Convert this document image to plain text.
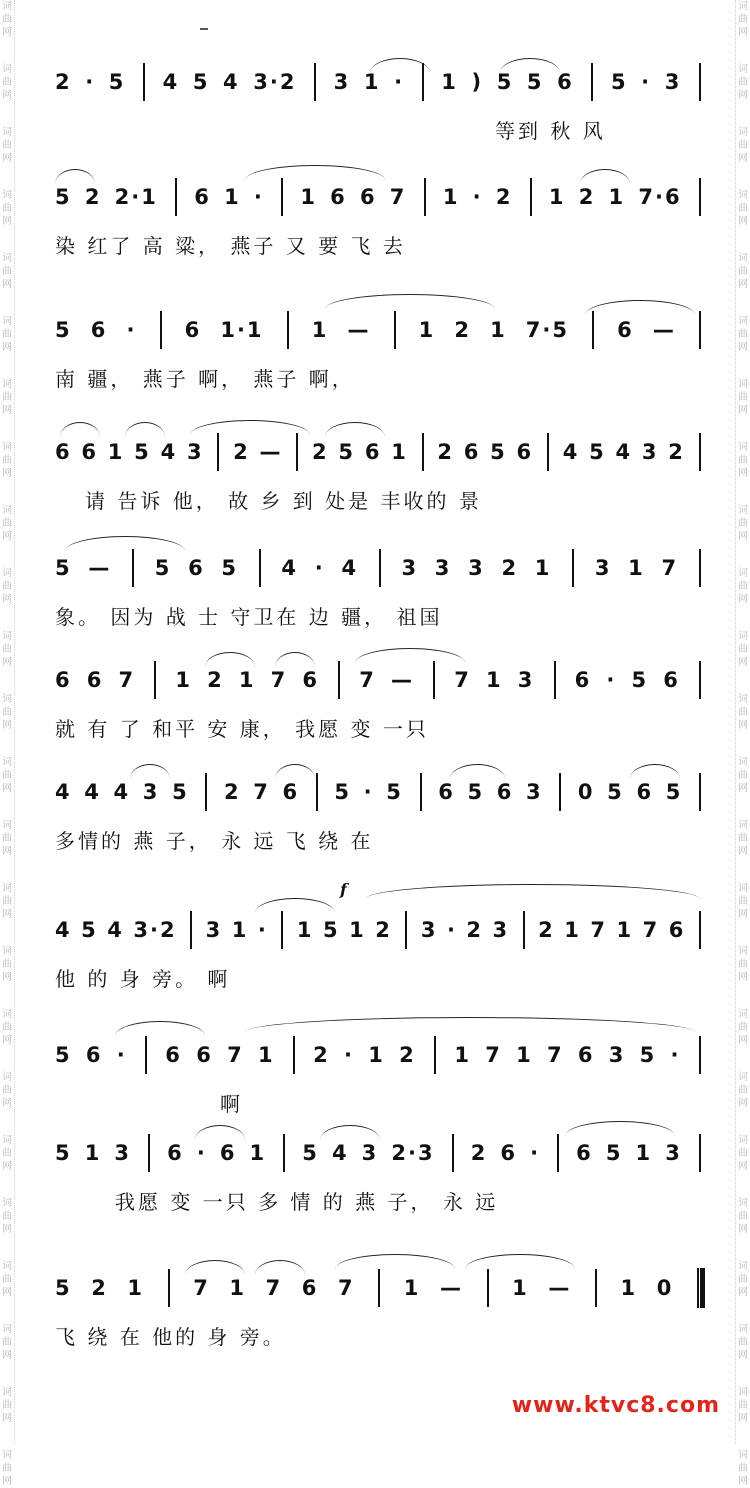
词
曲
网
词
曲
网
词
曲
网
词
曲
网
词
曲
网
词
曲
网
词
曲
网
词
曲
网
词
曲
网
词
曲
网
词
曲
网
词
曲
网
词
曲
网
词
曲
网
词
曲
网
词
曲
网
词
曲
网
词
曲
网
词
曲
网
词
曲
网
词
曲
网
词
曲
网
词
曲
网
词
曲
网
词
曲
网
词
曲
网
词
曲
网
词
曲
网
词
曲
网
词
曲
网
词
曲
网
词
曲
网
词
曲
网
词
曲
网
词
曲
网
词
曲
网
词
曲
网
词
曲
网
词
曲
网
词
曲
网
词
曲
网
词
曲
网
词
曲
网
词
曲
网
词
曲
网
词
曲
网
词
曲
网
词
曲
网
2 · 5 4 5 4 3·2 3 1 · 1 ) 5 5 6 5 · 3
等到 秋 风
5 2 2·1 6 1 · 1 6 6 7 1 · 2 1 2 1 7·6
染 红了 高 粱， 燕子 又 要 飞 去
5 6 · 6 1·1 1 — 1 2 1 7·5 6 —
南 疆， 燕子 啊， 燕子 啊，
6 6 1 5 4 3 2 — 2 5 6 1 2 6 5 6 4 5 4 3 2
请 告诉 他， 故 乡 到 处是 丰收的 景
5 — 5 6 5 4 · 4 3 3 3 2 1 3 1 7
象。 因为 战 士 守卫在 边 疆， 祖国
6 6 7 1 2 1 7 6 7 — 7 1 3 6 · 5 6
就 有 了 和平 安 康， 我愿 变 一只
4 4 4 3 5 2 7 6 5 · 5 6 5 6 3 0 5 6 5
多情的 燕 子， 永 远 飞 绕 在
f
4 5 4 3·2 3 1 · 1 5 1 2 3 · 2 3 2 1 7 1 7 6
他 的 身 旁。 啊
5 6 · 6 6 7 1 2 · 1 2 1 7 1 7 6 3 5 ·
啊
5 1 3 6 · 6 1 5 4 3 2·3 2 6 · 6 5 1 3
我愿 变 一只 多 情 的 燕 子， 永 远
5 2 1 7 1 7 6 7 1 — 1 — 1 0
飞 绕 在 他的 身 旁。
www.ktvc8.com
